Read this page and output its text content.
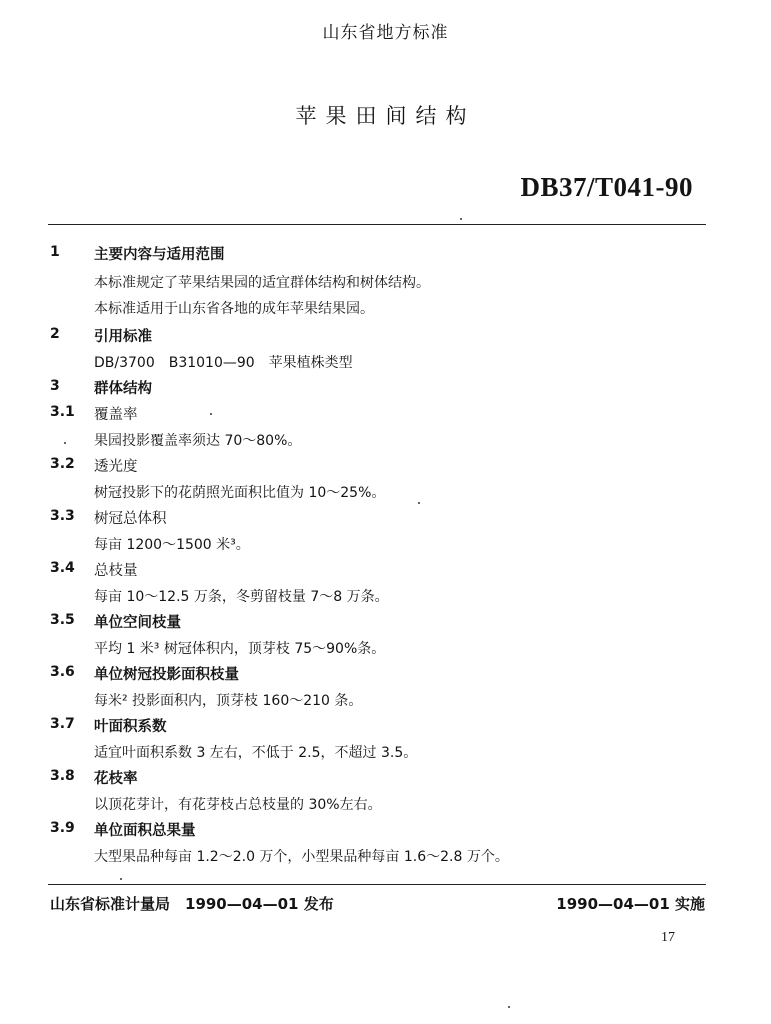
山东省地方标准
苹果田间结构
DB37/T041-90
1 主要内容与适用范围
本标准规定了苹果结果园的适宜群体结构和树体结构。
本标准适用于山东省各地的成年苹果结果园。
2 引用标准
DB/3700　B31010—90　苹果植株类型
3 群体结构
3.1 覆盖率
果园投影覆盖率须达 70～80%。
3.2 透光度
树冠投影下的花荫照光面积比值为 10～25%。
3.3 树冠总体积
每亩 1200～1500 米³。
3.4 总枝量
每亩 10～12.5 万条，冬剪留枝量 7～8 万条。
3.5 单位空间枝量
平均 1 米³ 树冠体积内，顶芽枝 75～90%条。
3.6 单位树冠投影面积枝量
每米² 投影面积内，顶芽枝 160～210 条。
3.7 叶面积系数
适宜叶面积系数 3 左右，不低于 2.5，不超过 3.5。
3.8 花枝率
以顶花芽计，有花芽枝占总枝量的 30%左右。
3.9 单位面积总果量
大型果品种每亩 1.2～2.0 万个，小型果品种每亩 1.6～2.8 万个。
山东省标准计量局　1990—04—01 发布	1990—04—01 实施
17
